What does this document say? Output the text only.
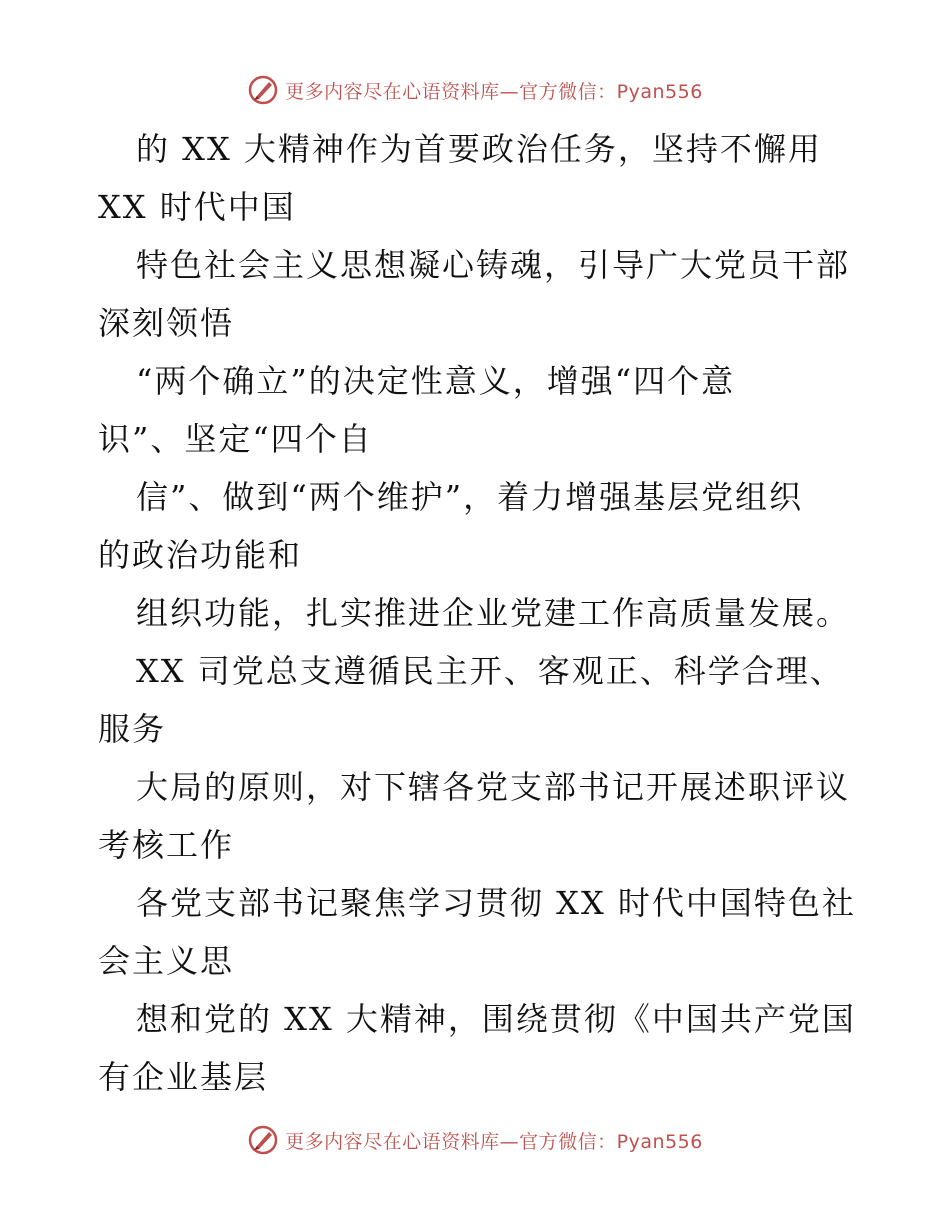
更多内容尽在心语资料库—官方微信：Pyan556
的 XX 大精神作为首要政治任务，坚持不懈用
XX 时代中国
特色社会主义思想凝心铸魂，引导广大党员干部
深刻领悟
“两个确立”的决定性意义，增强“四个意
识”、坚定“四个自
信”、做到“两个维护”，着力增强基层党组织
的政治功能和
组织功能，扎实推进企业党建工作高质量发展。
XX 司党总支遵循民主开、客观正、科学合理、
服务
大局的原则，对下辖各党支部书记开展述职评议
考核工作
各党支部书记聚焦学习贯彻 XX 时代中国特色社
会主义思
想和党的 XX 大精神，围绕贯彻《中国共产党国
有企业基层
更多内容尽在心语资料库—官方微信：Pyan556
